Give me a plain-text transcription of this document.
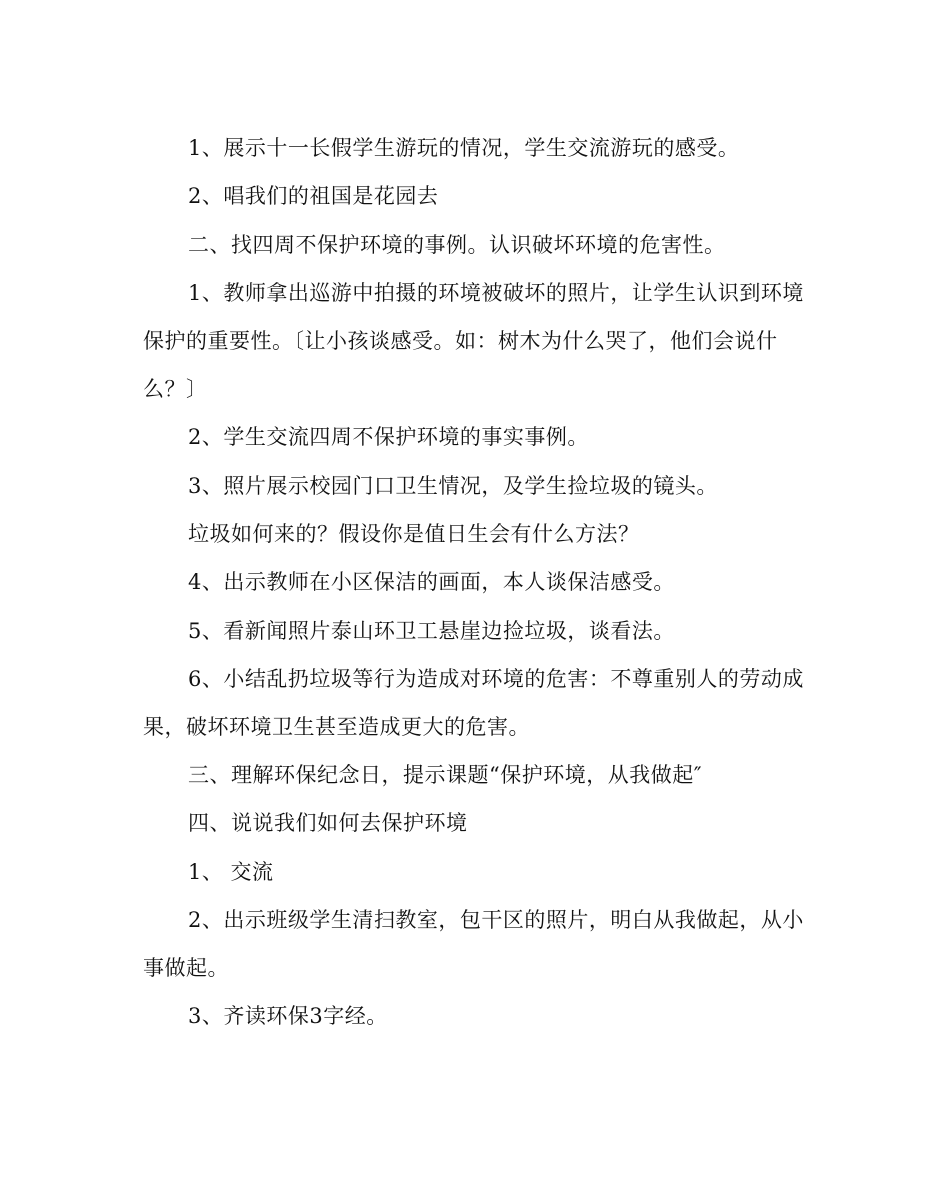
1、展示十一长假学生游玩的情况，学生交流游玩的感受。
2、唱我们的祖国是花园去
二、找四周不保护环境的事例。认识破坏环境的危害性。
1、教师拿出巡游中拍摄的环境被破坏的照片，让学生认识到环境
保护的重要性。〔让小孩谈感受。如：树木为什么哭了，他们会说什
么？〕
2、学生交流四周不保护环境的事实事例。
3、照片展示校园门口卫生情况，及学生捡垃圾的镜头。
垃圾如何来的？假设你是值日生会有什么方法？
4、出示教师在小区保洁的画面，本人谈保洁感受。
5、看新闻照片泰山环卫工悬崖边捡垃圾，谈看法。
6、小结乱扔垃圾等行为造成对环境的危害：不尊重别人的劳动成
果，破坏环境卫生甚至造成更大的危害。
三、理解环保纪念日，提示课题“保护环境，从我做起″
四、说说我们如何去保护环境
1、 交流
2、出示班级学生清扫教室，包干区的照片，明白从我做起，从小
事做起。
3、齐读环保3字经。
